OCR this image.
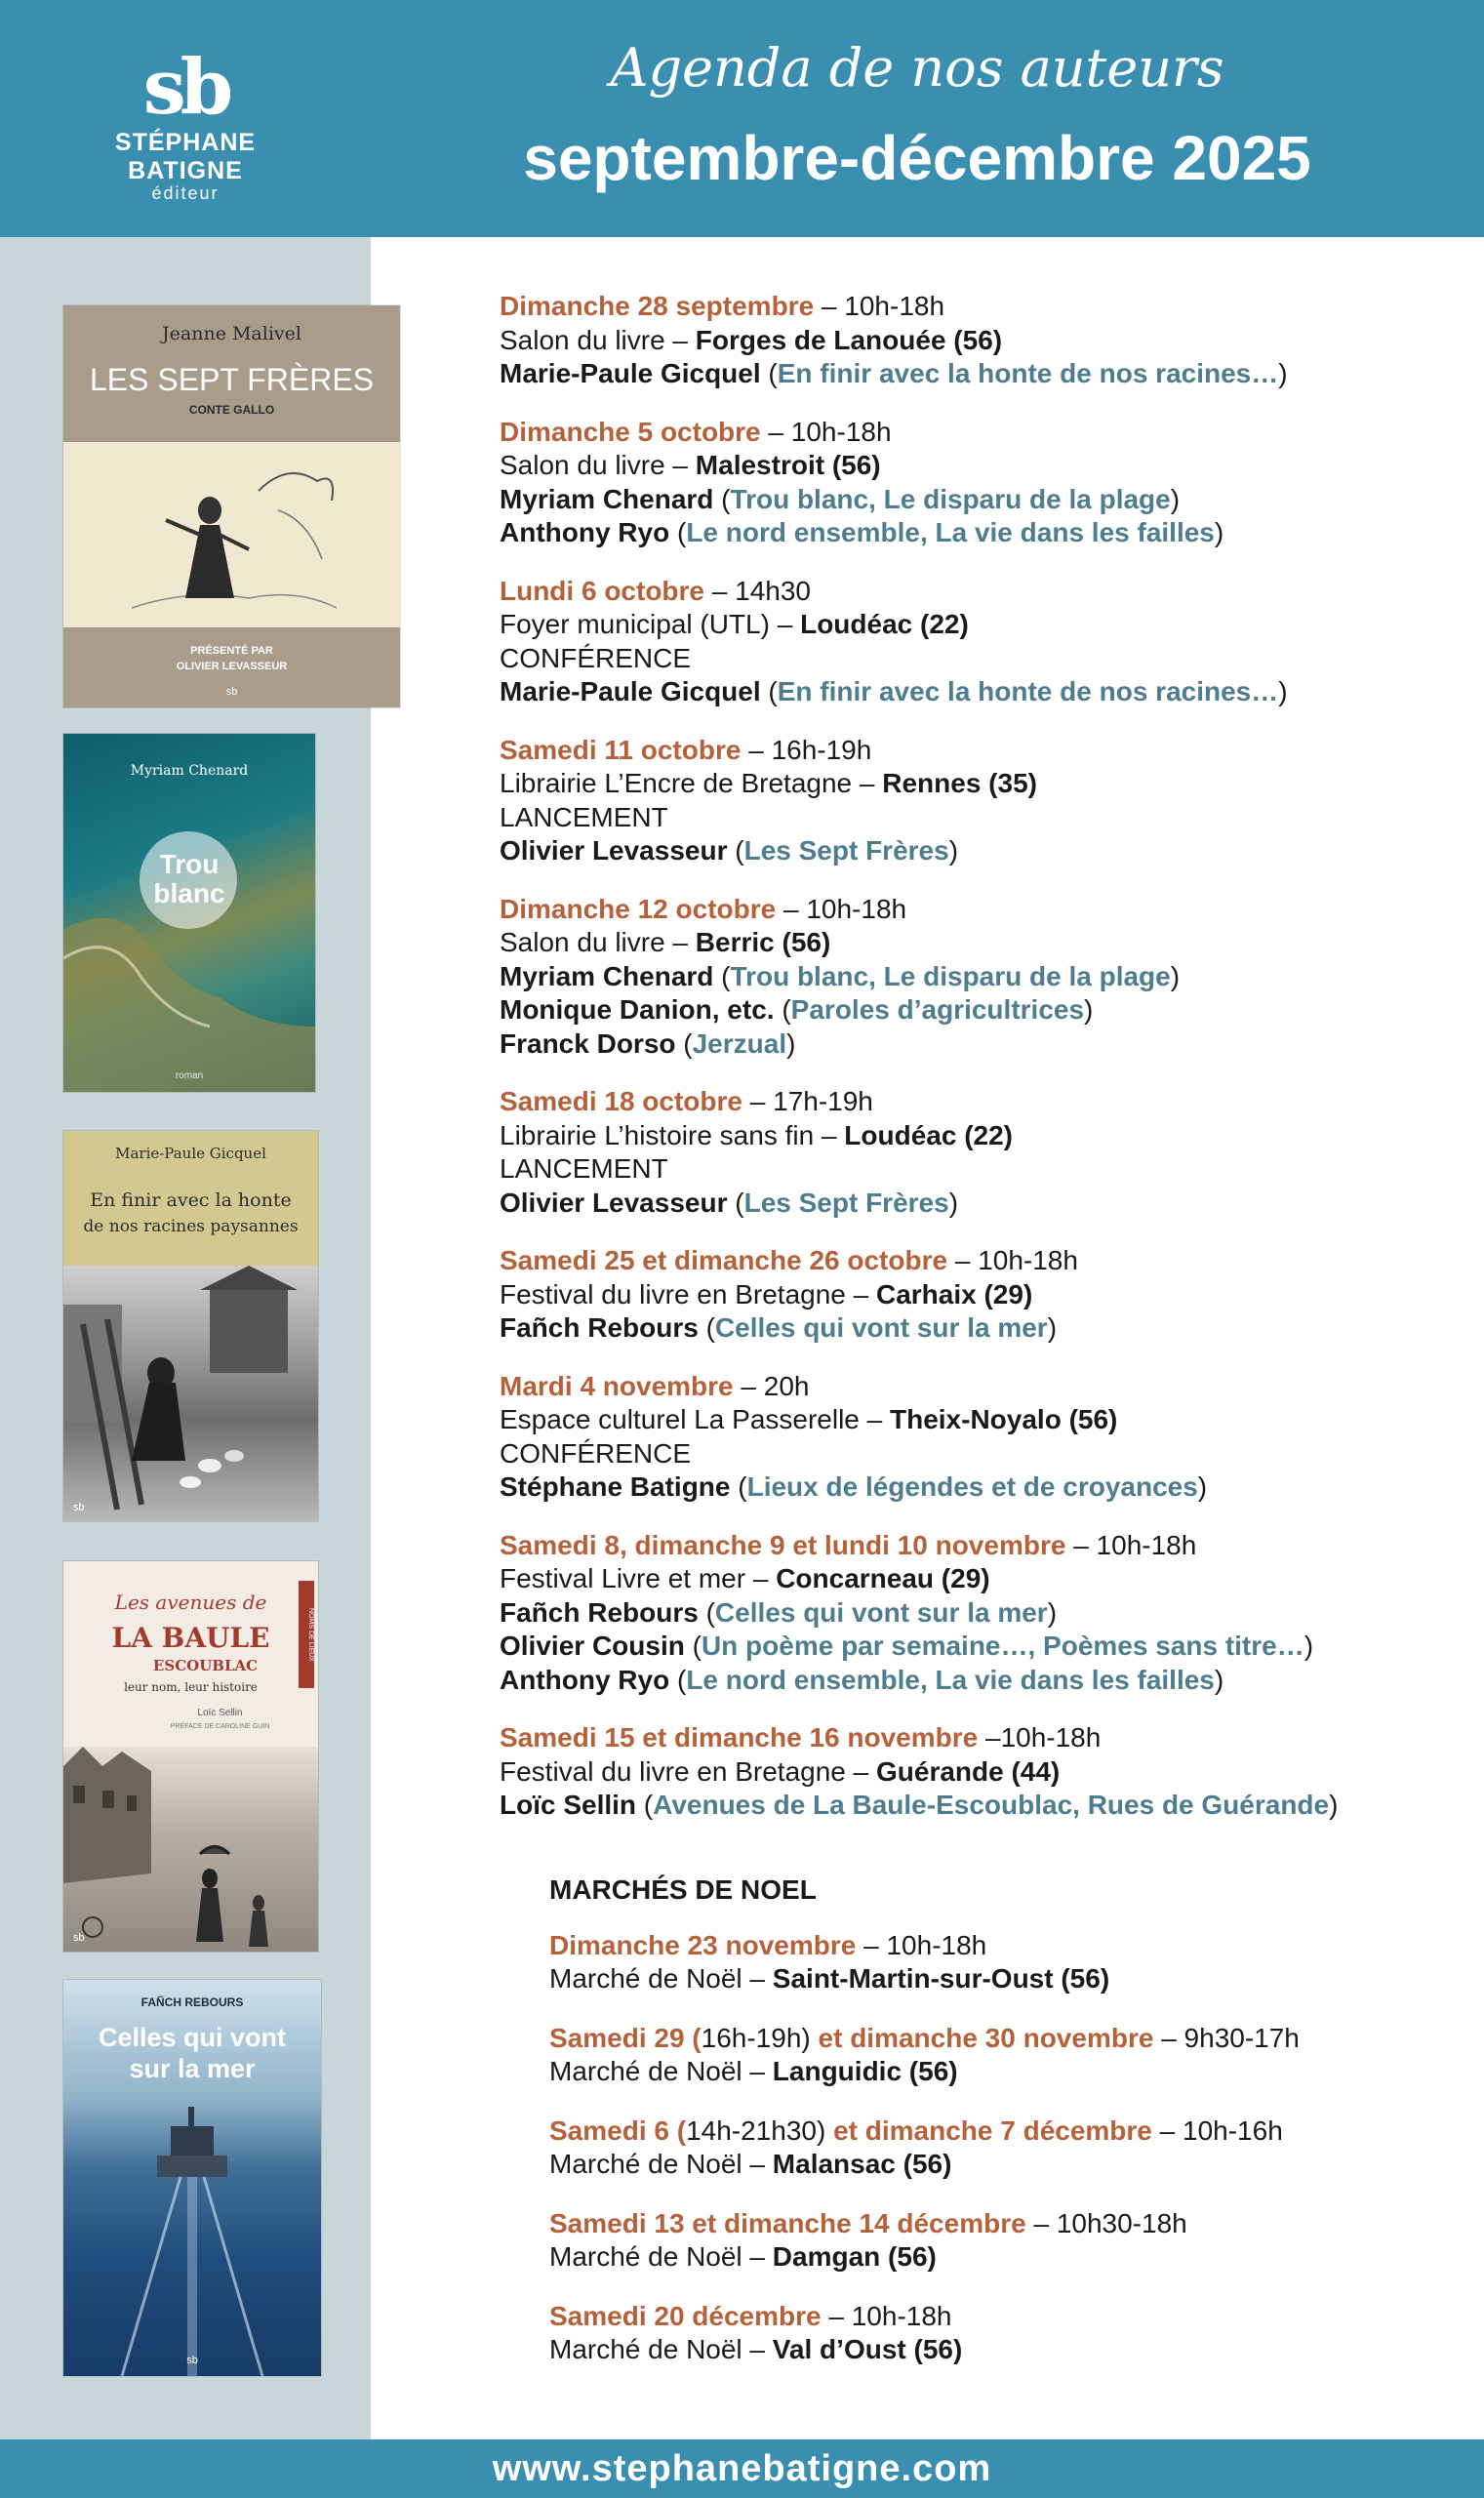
sb
STÉPHANE BATIGNE
éditeur
Agenda de nos auteurs
septembre-décembre 2025
Jeanne Malivel
LES SEPT FRÈRES
CONTE GALLO
PRÉSENTÉ PAR
OLIVIER LEVASSEUR
sb
Myriam Chenard
Trou
blanc
roman
Marie-Paule Gicquel
En finir avec la honte
de nos racines paysannes
sb
Les avenues de
LA BAULE
ESCOUBLAC
leur nom, leur histoire
Loïc Sellin
PRÉFACE DE CAROLINE GUIN
NOMS DE LIEUX
sb
FAÑCH REBOURS
Celles qui vont
sur la mer
sb
Dimanche 28 septembre – 10h-18h
Salon du livre – Forges de Lanouée (56)
Marie-Paule Gicquel (En finir avec la honte de nos racines…)
Dimanche 5 octobre – 10h-18h
Salon du livre – Malestroit (56)
Myriam Chenard (Trou blanc, Le disparu de la plage)
Anthony Ryo (Le nord ensemble, La vie dans les failles)
Lundi 6 octobre – 14h30
Foyer municipal (UTL) – Loudéac (22)
CONFÉRENCE
Marie-Paule Gicquel (En finir avec la honte de nos racines…)
Samedi 11 octobre – 16h-19h
Librairie L’Encre de Bretagne – Rennes (35)
LANCEMENT
Olivier Levasseur (Les Sept Frères)
Dimanche 12 octobre – 10h-18h
Salon du livre – Berric (56)
Myriam Chenard (Trou blanc, Le disparu de la plage)
Monique Danion, etc. (Paroles d’agricultrices)
Franck Dorso (Jerzual)
Samedi 18 octobre – 17h-19h
Librairie L’histoire sans fin – Loudéac (22)
LANCEMENT
Olivier Levasseur (Les Sept Frères)
Samedi 25 et dimanche 26 octobre – 10h-18h
Festival du livre en Bretagne – Carhaix (29)
Fañch Rebours (Celles qui vont sur la mer)
Mardi 4 novembre – 20h
Espace culturel La Passerelle – Theix-Noyalo (56)
CONFÉRENCE
Stéphane Batigne (Lieux de légendes et de croyances)
Samedi 8, dimanche 9 et lundi 10 novembre – 10h-18h
Festival Livre et mer – Concarneau (29)
Fañch Rebours (Celles qui vont sur la mer)
Olivier Cousin (Un poème par semaine…, Poèmes sans titre…)
Anthony Ryo (Le nord ensemble, La vie dans les failles)
Samedi 15 et dimanche 16 novembre –10h-18h
Festival du livre en Bretagne – Guérande (44)
Loïc Sellin (Avenues de La Baule-Escoublac, Rues de Guérande)
MARCHÉS DE NOEL
Dimanche 23 novembre – 10h-18h
Marché de Noël – Saint-Martin-sur-Oust (56)
Samedi 29 (16h-19h) et dimanche 30 novembre – 9h30-17h
Marché de Noël – Languidic (56)
Samedi 6 (14h-21h30) et dimanche 7 décembre – 10h-16h
Marché de Noël – Malansac (56)
Samedi 13 et dimanche 14 décembre – 10h30-18h
Marché de Noël – Damgan (56)
Samedi 20 décembre – 10h-18h
Marché de Noël – Val d’Oust (56)
www.stephanebatigne.com
